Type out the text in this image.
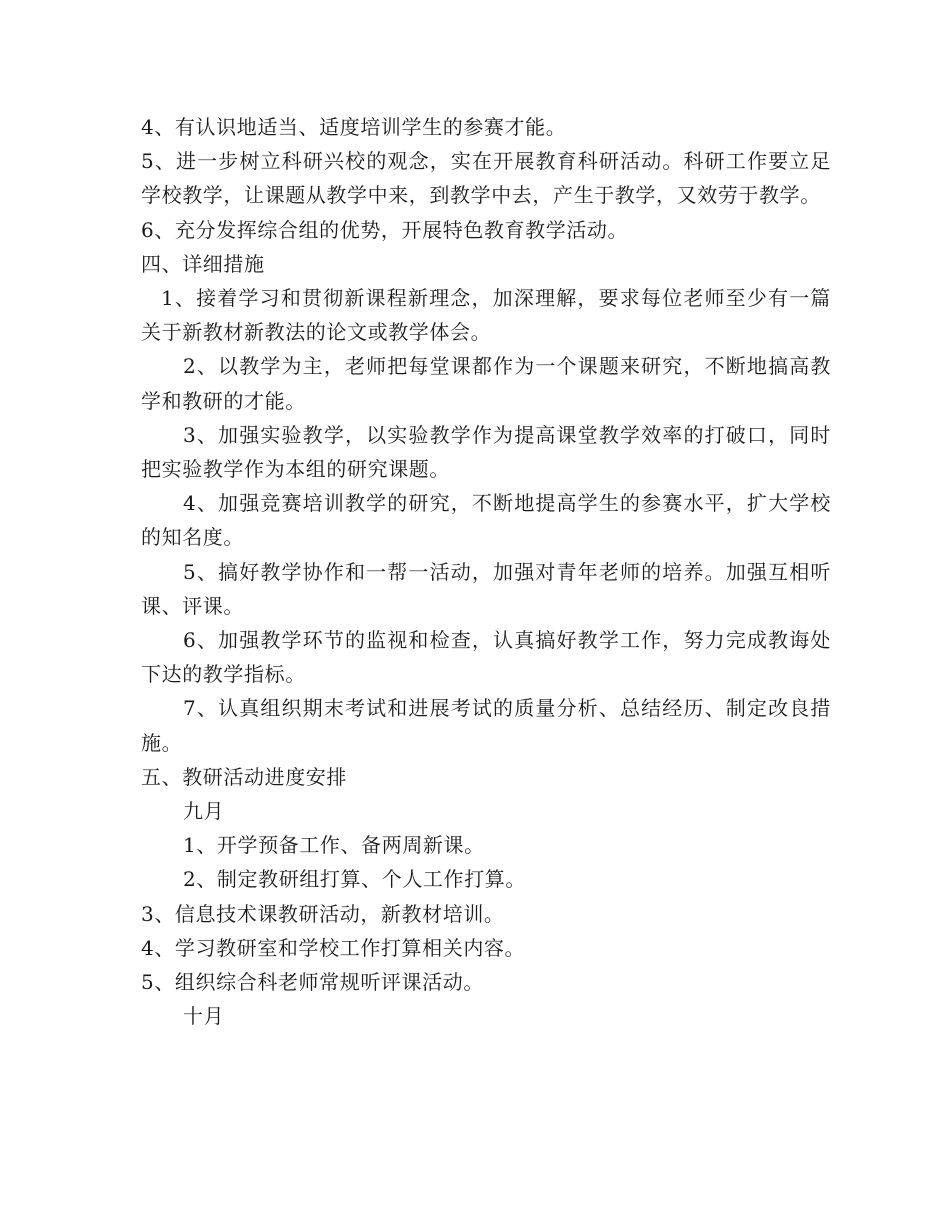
4、有认识地适当、适度培训学生的参赛才能。

5、进一步树立科研兴校的观念，实在开展教育科研活动。科研工作要立足学校教学，让课题从教学中来，到教学中去，产生于教学，又效劳于教学。

6、充分发挥综合组的优势，开展特色教育教学活动。

四、详细措施

1、接着学习和贯彻新课程新理念，加深理解，要求每位老师至少有一篇关于新教材新教法的论文或教学体会。

2、以教学为主，老师把每堂课都作为一个课题来研究，不断地搞高教学和教研的才能。

3、加强实验教学，以实验教学作为提高课堂教学效率的打破口，同时把实验教学作为本组的研究课题。

4、加强竞赛培训教学的研究，不断地提高学生的参赛水平，扩大学校的知名度。

5、搞好教学协作和一帮一活动，加强对青年老师的培养。加强互相听课、评课。

6、加强教学环节的监视和检查，认真搞好教学工作，努力完成教诲处下达的教学指标。

7、认真组织期末考试和进展考试的质量分析、总结经历、制定改良措施。

五、教研活动进度安排

九月

1、开学预备工作、备两周新课。

2、制定教研组打算、个人工作打算。

3、信息技术课教研活动，新教材培训。

4、学习教研室和学校工作打算相关内容。

5、组织综合科老师常规听评课活动。

十月
